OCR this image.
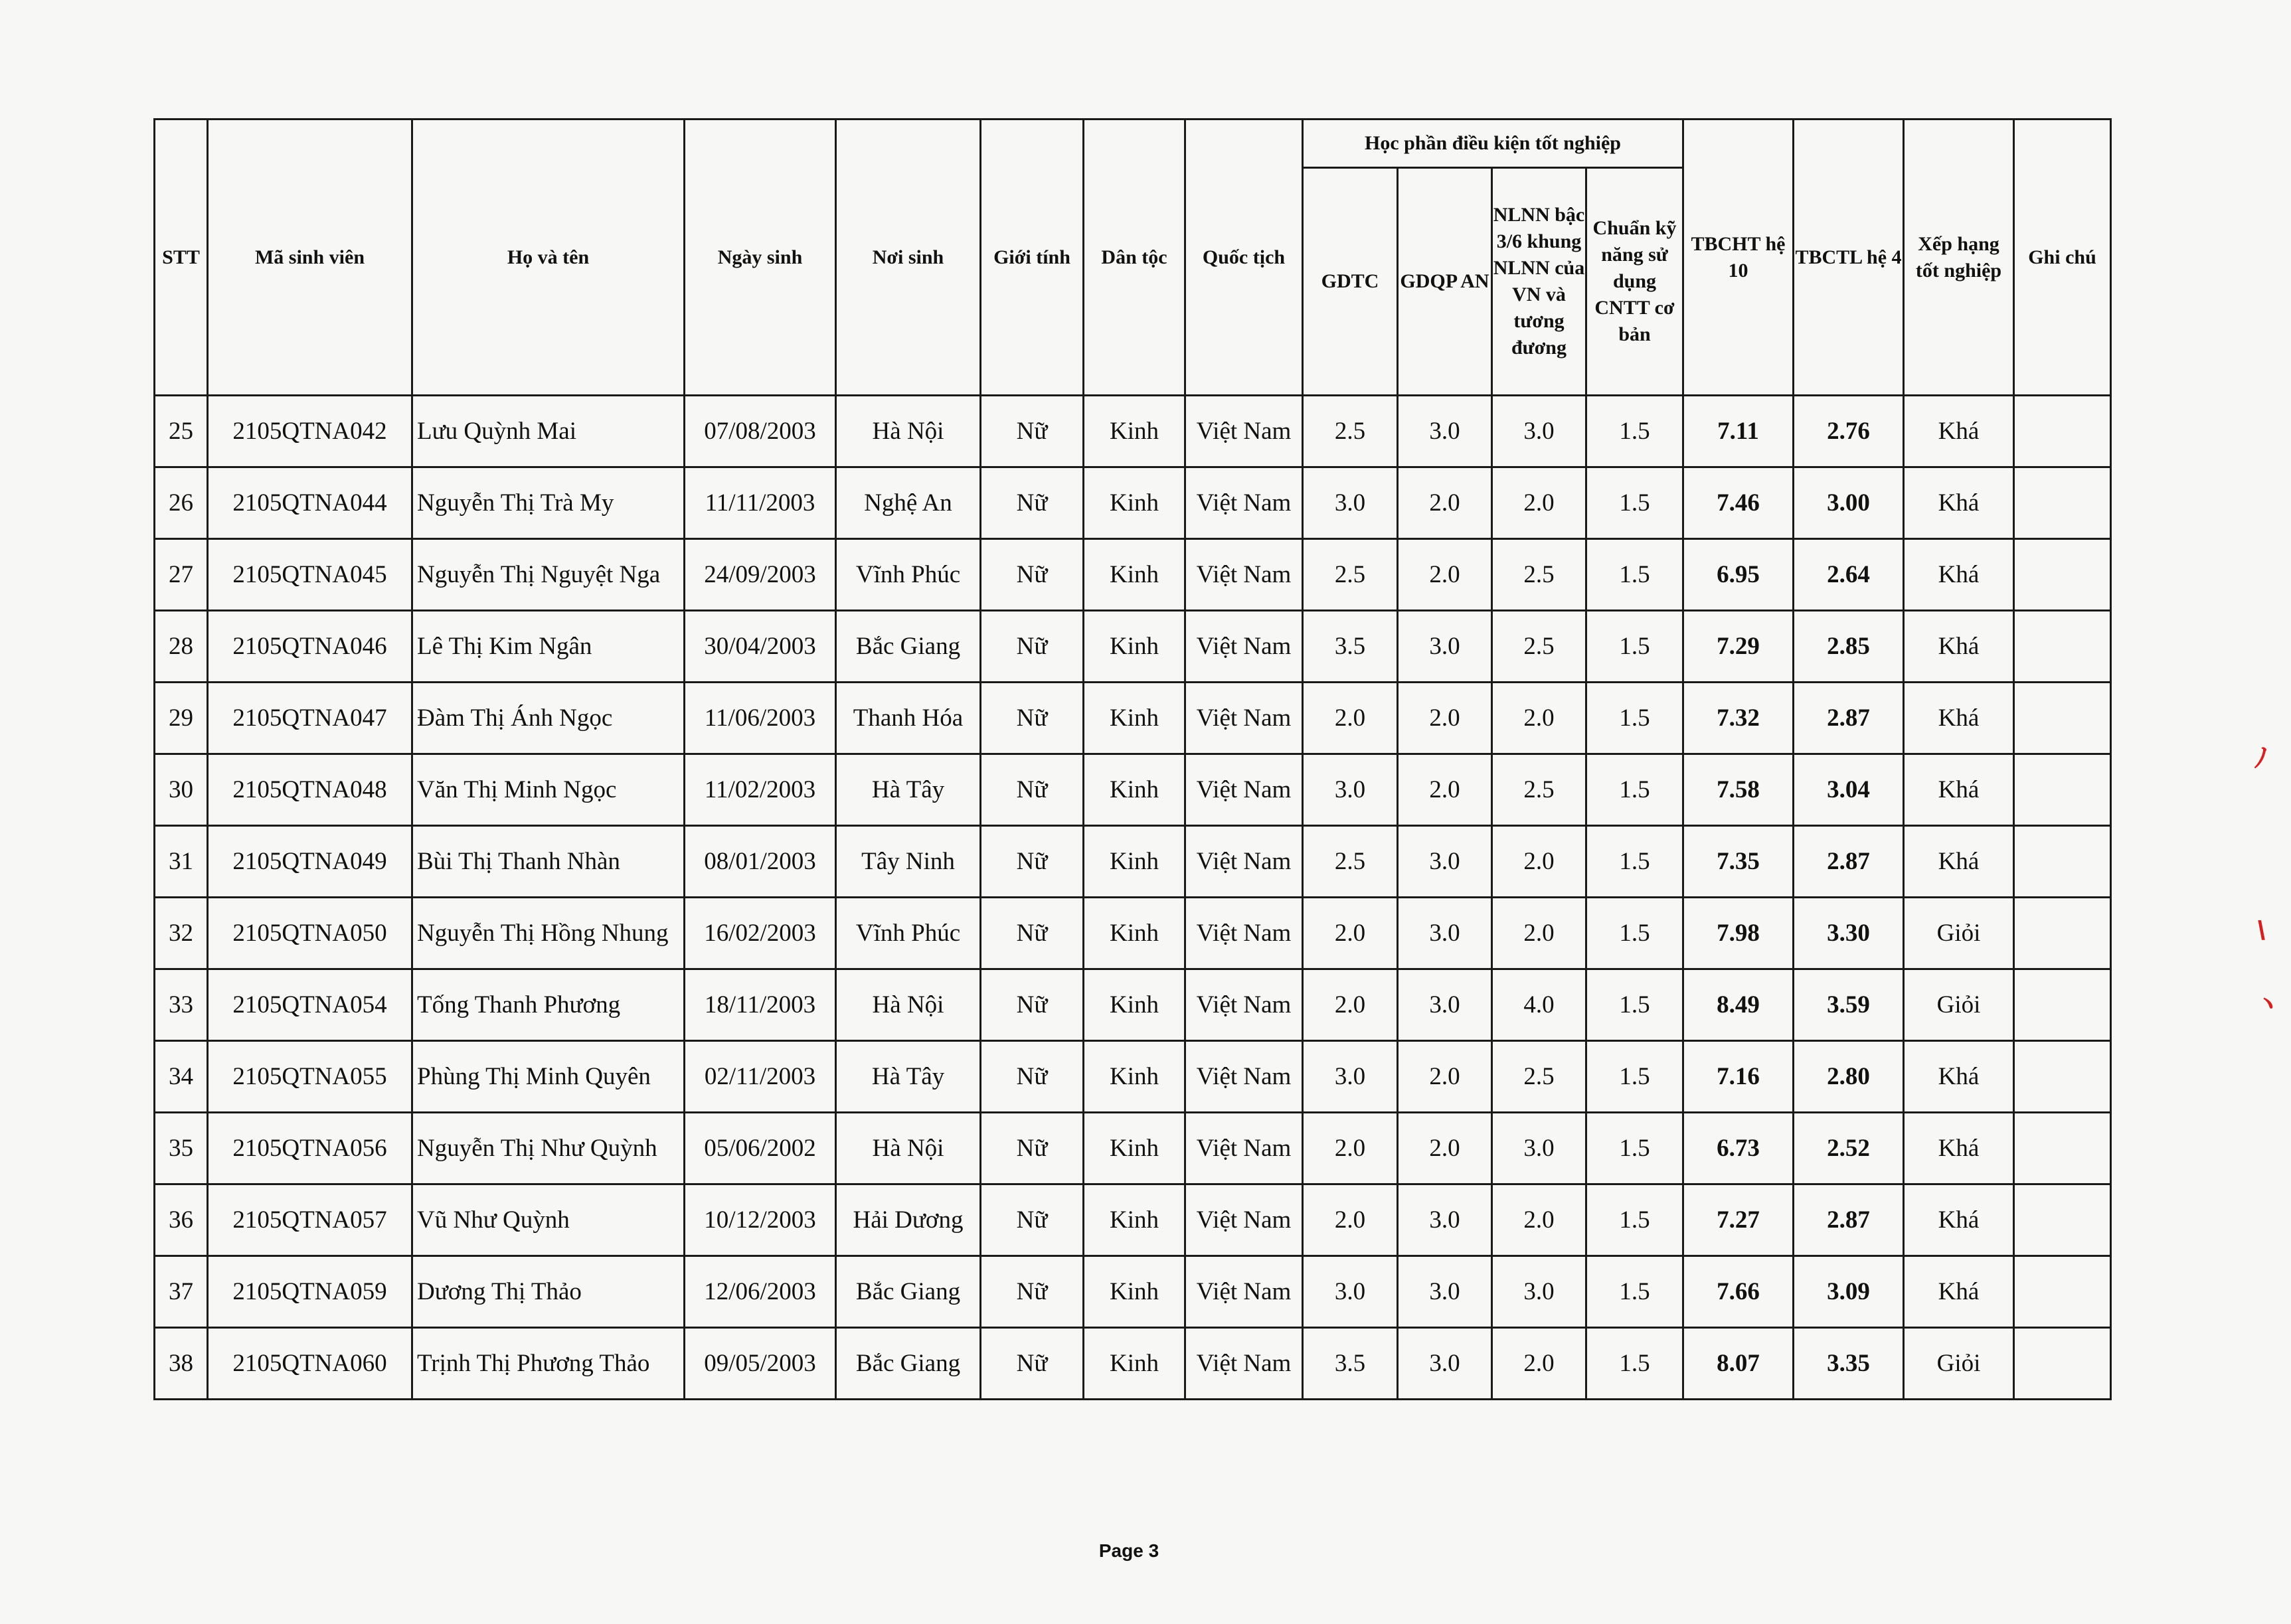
STT	Mã sinh viên	Họ và tên	Ngày sinh	Nơi sinh	Giới tính	Dân tộc	Quốc tịch	Học phần điều kiện tốt nghiệp				TBCHT hệ 10	TBCTL hệ 4	Xếp hạng tốt nghiệp	Ghi chú
								GDTC	GDQP AN	NLNN bậc 3/6 khung NLNN của VN và tương đương	Chuẩn kỹ năng sử dụng CNTT cơ bản				
25	2105QTNA042	Lưu Quỳnh Mai	07/08/2003	Hà Nội	Nữ	Kinh	Việt Nam	2.5	3.0	3.0	1.5	7.11	2.76	Khá	
26	2105QTNA044	Nguyễn Thị Trà My	11/11/2003	Nghệ An	Nữ	Kinh	Việt Nam	3.0	2.0	2.0	1.5	7.46	3.00	Khá	
27	2105QTNA045	Nguyễn Thị Nguyệt Nga	24/09/2003	Vĩnh Phúc	Nữ	Kinh	Việt Nam	2.5	2.0	2.5	1.5	6.95	2.64	Khá	
28	2105QTNA046	Lê Thị Kim Ngân	30/04/2003	Bắc Giang	Nữ	Kinh	Việt Nam	3.5	3.0	2.5	1.5	7.29	2.85	Khá	
29	2105QTNA047	Đàm Thị Ánh Ngọc	11/06/2003	Thanh Hóa	Nữ	Kinh	Việt Nam	2.0	2.0	2.0	1.5	7.32	2.87	Khá	
30	2105QTNA048	Văn Thị Minh Ngọc	11/02/2003	Hà Tây	Nữ	Kinh	Việt Nam	3.0	2.0	2.5	1.5	7.58	3.04	Khá	
31	2105QTNA049	Bùi Thị Thanh Nhàn	08/01/2003	Tây Ninh	Nữ	Kinh	Việt Nam	2.5	3.0	2.0	1.5	7.35	2.87	Khá	
32	2105QTNA050	Nguyễn Thị Hồng Nhung	16/02/2003	Vĩnh Phúc	Nữ	Kinh	Việt Nam	2.0	3.0	2.0	1.5	7.98	3.30	Giỏi	
33	2105QTNA054	Tống Thanh Phương	18/11/2003	Hà Nội	Nữ	Kinh	Việt Nam	2.0	3.0	4.0	1.5	8.49	3.59	Giỏi	
34	2105QTNA055	Phùng Thị Minh Quyên	02/11/2003	Hà Tây	Nữ	Kinh	Việt Nam	3.0	2.0	2.5	1.5	7.16	2.80	Khá	
35	2105QTNA056	Nguyễn Thị Như Quỳnh	05/06/2002	Hà Nội	Nữ	Kinh	Việt Nam	2.0	2.0	3.0	1.5	6.73	2.52	Khá	
36	2105QTNA057	Vũ Như Quỳnh	10/12/2003	Hải Dương	Nữ	Kinh	Việt Nam	2.0	3.0	2.0	1.5	7.27	2.87	Khá	
37	2105QTNA059	Dương Thị Thảo	12/06/2003	Bắc Giang	Nữ	Kinh	Việt Nam	3.0	3.0	3.0	1.5	7.66	3.09	Khá	
38	2105QTNA060	Trịnh Thị Phương Thảo	09/05/2003	Bắc Giang	Nữ	Kinh	Việt Nam	3.5	3.0	2.0	1.5	8.07	3.35	Giỏi	
Page 3
ﾉ
\
ヽ
